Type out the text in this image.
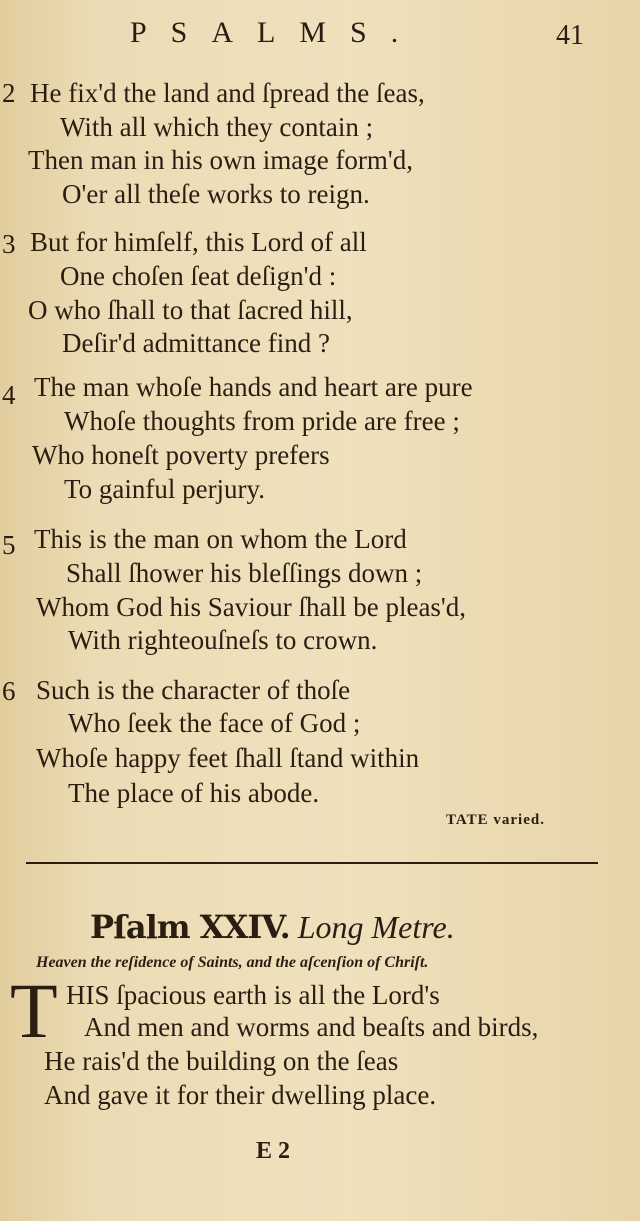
PSALMS.	41
2 He fix'd the land and ſpread the ſeas,
With all which they contain ;
Then man in his own image form'd,
O'er all theſe works to reign.
3 But for himſelf, this Lord of all
One choſen ſeat deſign'd :
O who ſhall to that ſacred hill,
Deſir'd admittance find ?
4 The man whoſe hands and heart are pure
Whoſe thoughts from pride are free ;
Who honeſt poverty prefers
To gainful perjury.
5 This is the man on whom the Lord
Shall ſhower his bleſſings down ;
Whom God his Saviour ſhall be pleas'd,
With righteouſneſs to crown.
6 Such is the character of thoſe
Who ſeek the face of God ;
Whoſe happy feet ſhall ſtand within
The place of his abode.
TATE varied.
Pſalm XXIV. Long Metre.
Heaven the reſidence of Saints, and the aſcenſion of Chriſt.
T HIS ſpacious earth is all the Lord's
And men and worms and beaſts and birds,
He rais'd the building on the ſeas
And gave it for their dwelling place.
E 2
